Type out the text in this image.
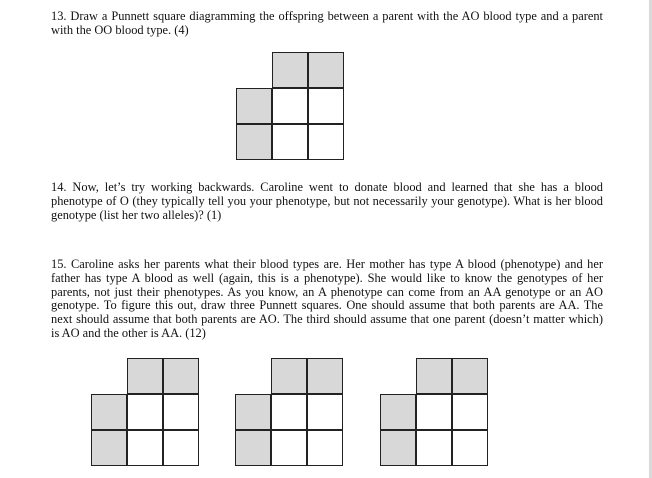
13. Draw a Punnett square diagramming the offspring between a parent with the AO blood type and a parent with the OO blood type. (4)

14. Now, let’s try working backwards. Caroline went to donate blood and learned that she has a blood phenotype of O (they typically tell you your phenotype, but not necessarily your genotype). What is her blood genotype (list her two alleles)? (1)

15. Caroline asks her parents what their blood types are. Her mother has type A blood (phenotype) and her father has type A blood as well (again, this is a phenotype). She would like to know the genotypes of her parents, not just their phenotypes. As you know, an A phenotype can come from an AA genotype or an AO genotype. To figure this out, draw three Punnett squares. One should assume that both parents are AA. The next should assume that both parents are AO. The third should assume that one parent (doesn’t matter which) is AO and the other is AA. (12)
